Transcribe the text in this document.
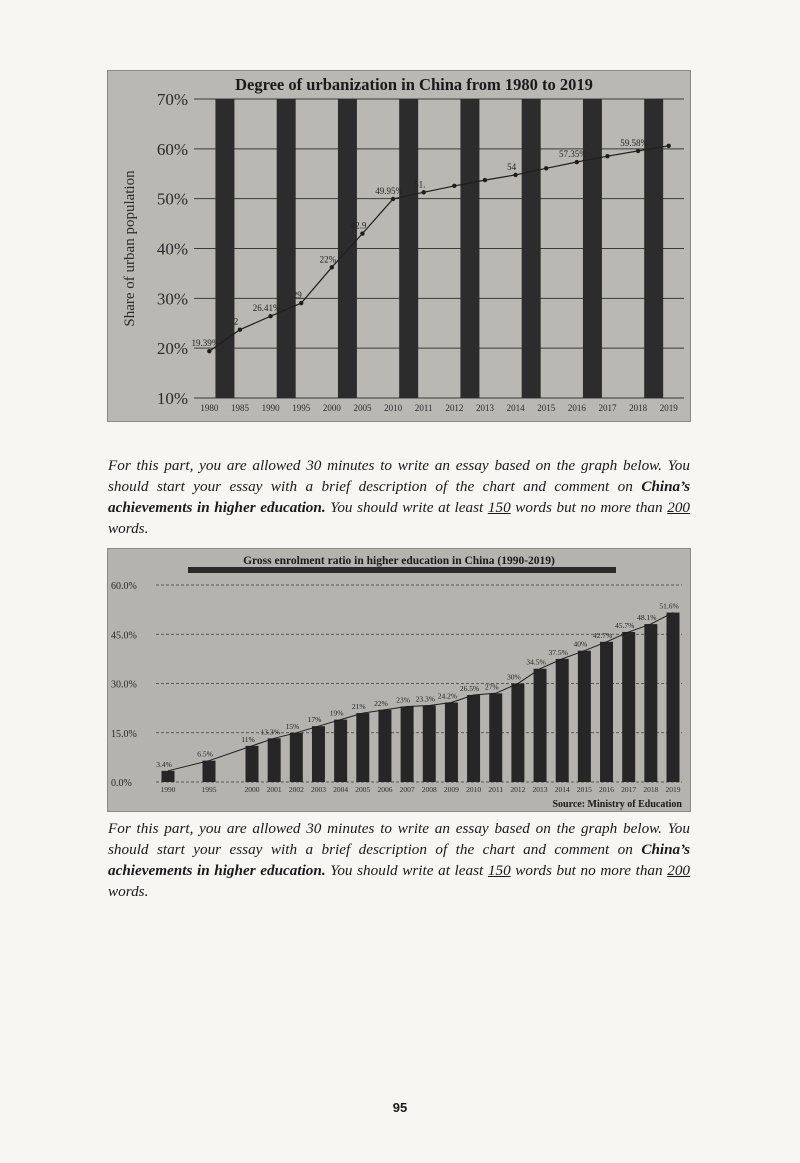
70%
60%
50%
40%
30%
20%
10%
Share of urban population
19.39%
2
26.41%
29
22%
42.9
49.95%
51.
54
57.35%
59.58%
1980 1985 1990 1995 2000 2005 2010 2011 2012 2013 2014 2015 2016 2017 2018 2019
Degree of urbanization in China from 1980 to 2019
For this part, you are allowed 30 minutes to write an essay based on the graph below. You should start your essay with a brief description of the chart and comment on China’s achievements in higher education. You should write at least 150 words but no more than 200 words.
Gross enrolment ratio in higher education in China (1990-2019)
60.0%
45.0%
30.0%
15.0%
0.0%
3.4%
6.5%
11%
13.3%
15%
17%
19%
21% 22% 23% 23.3% 24.2%
26.5% 27%
30%
34.5%
37.5%
40%
42.7%
45.7%
48.1%
51.6%
1990	1995	2000 2001 2002 2003 2004 2005 2006 2007 2008 2009 2010 2011 2012 2013 2014 2015 2016 2017 2018 2019
Source: Ministry of Education
For this part, you are allowed 30 minutes to write an essay based on the graph below. You should start your essay with a brief description of the chart and comment on China’s achievements in higher education. You should write at least 150 words but no more than 200 words.
95
